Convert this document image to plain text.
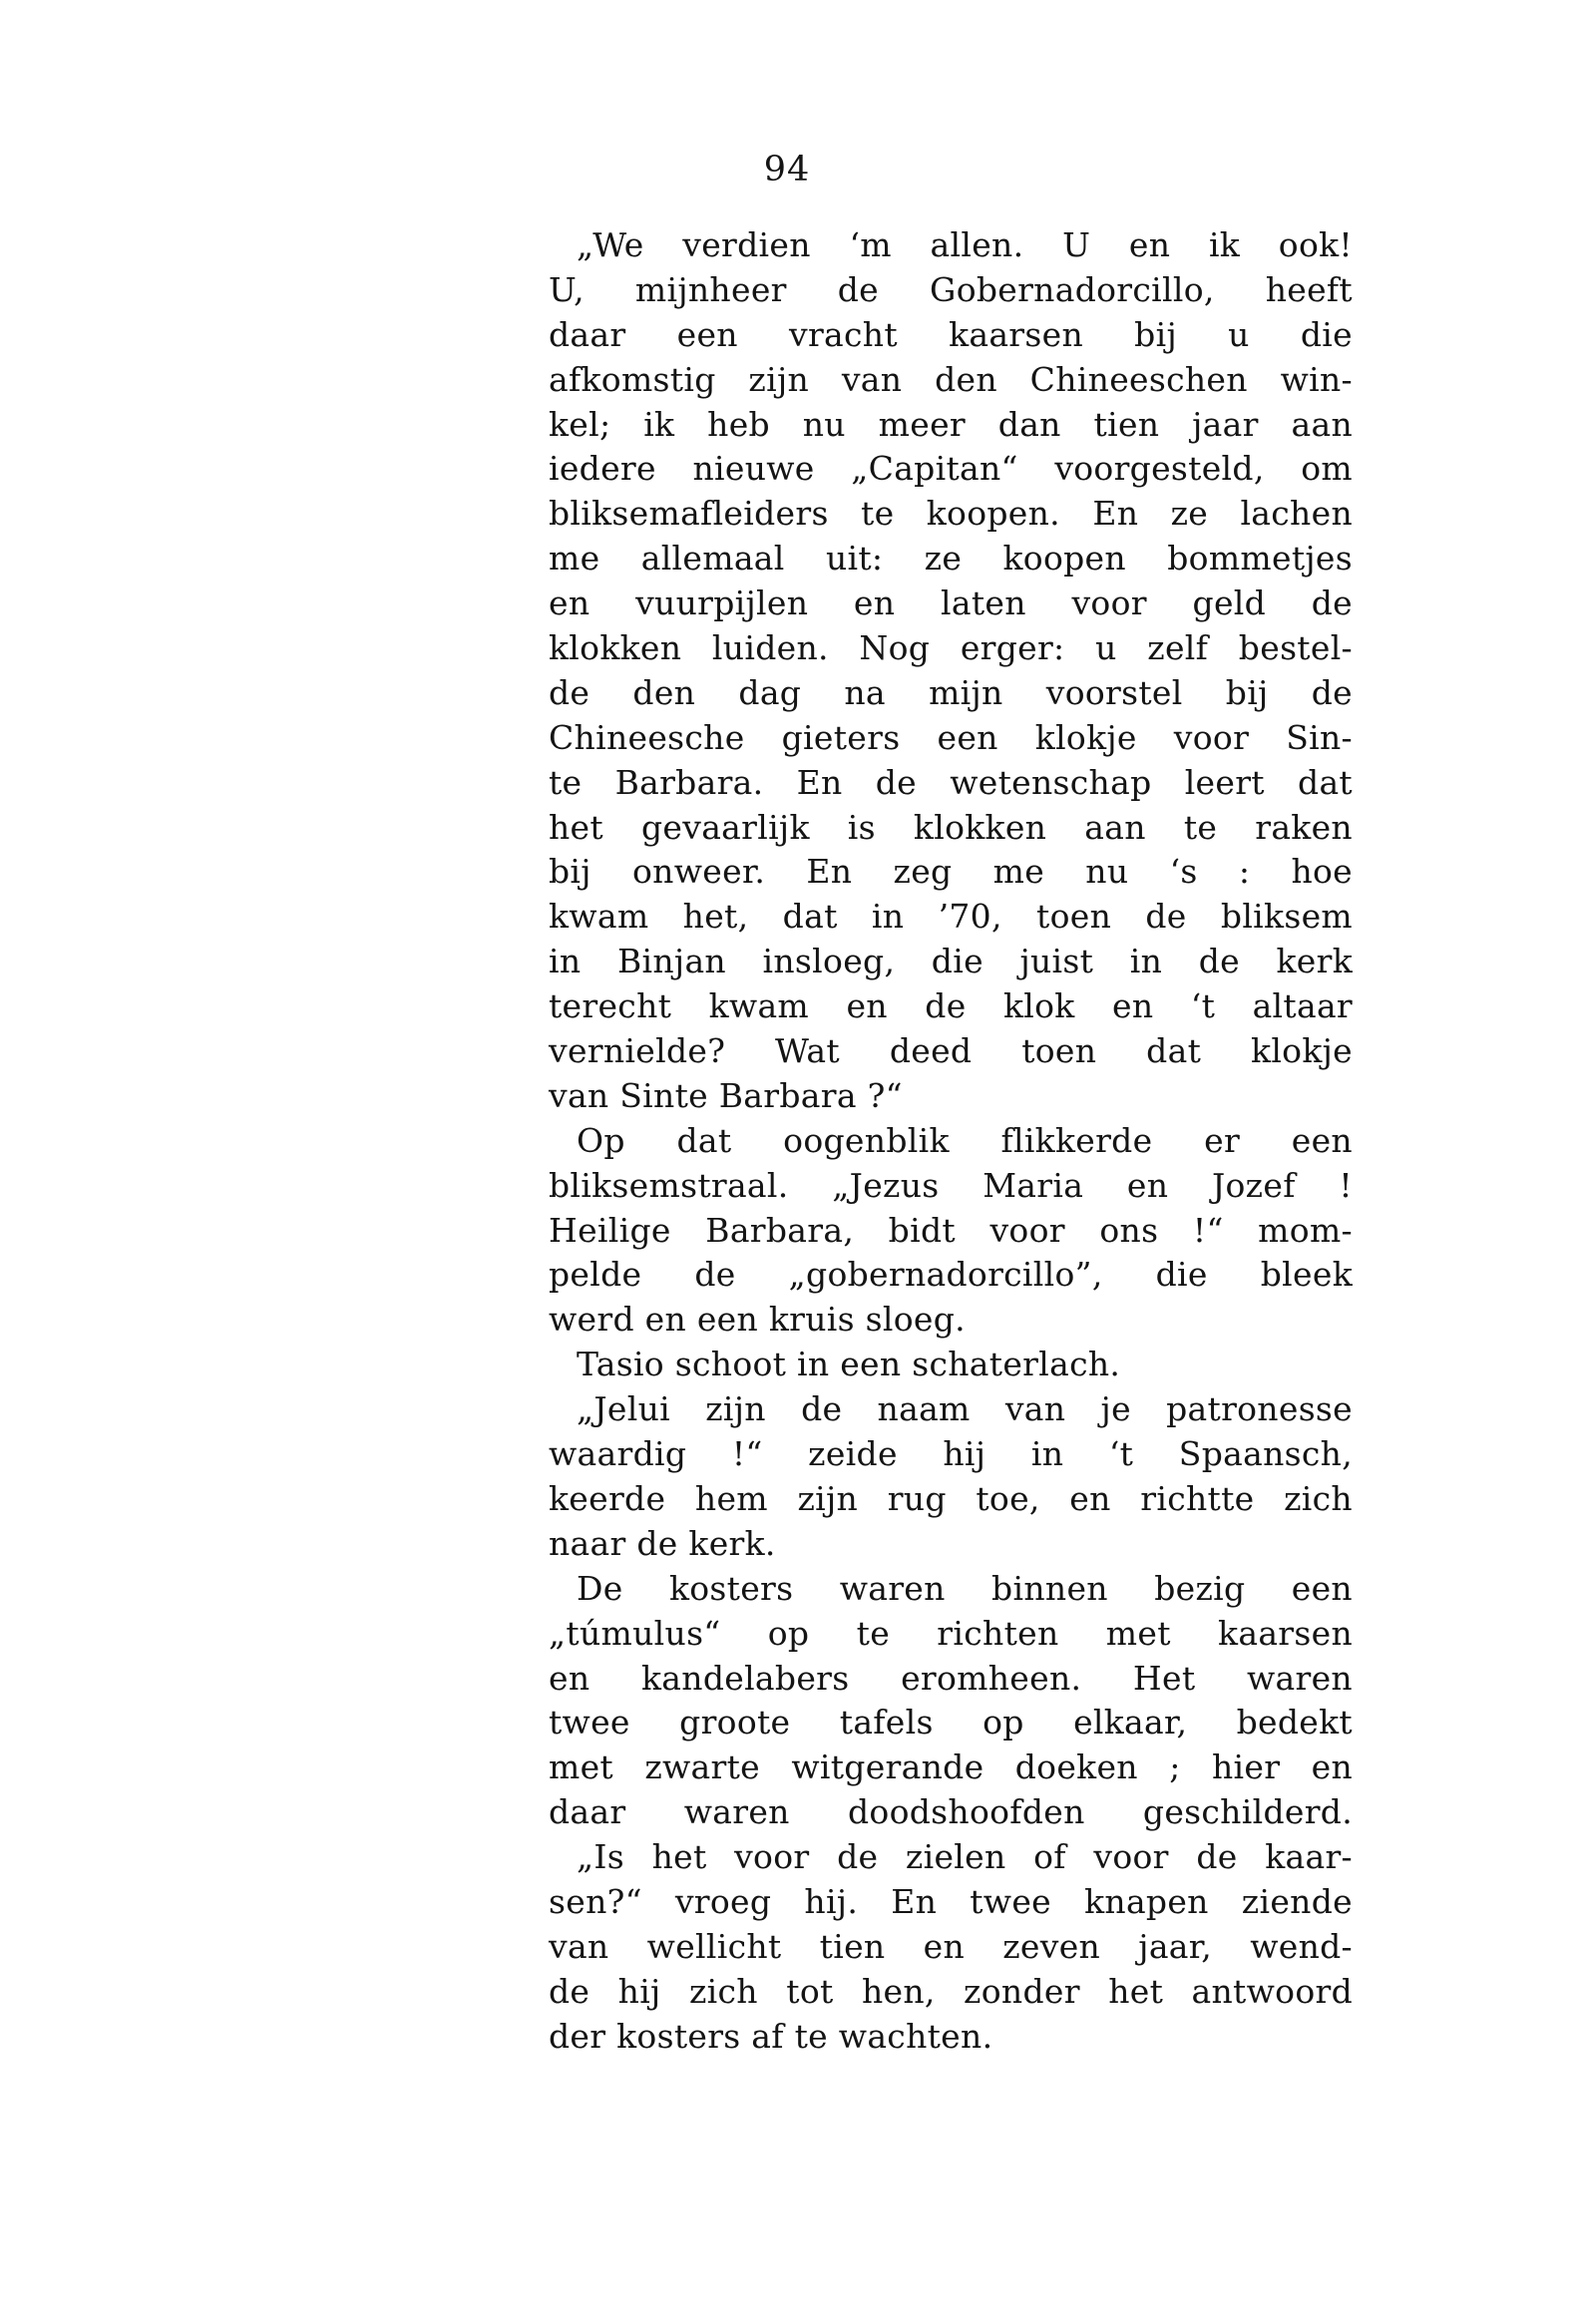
94
„We verdien ‘m allen. U en ik ook!
U, mijnheer de Gobernadorcillo, heeft
daar een vracht kaarsen bij u die
afkomstig zijn van den Chineeschen win-
kel; ik heb nu meer dan tien jaar aan
iedere nieuwe „Capitan“ voorgesteld, om
bliksemafleiders te koopen. En ze lachen
me allemaal uit: ze koopen bommetjes
en vuurpijlen en laten voor geld de
klokken luiden. Nog erger: u zelf bestel-
de den dag na mijn voorstel bij de
Chineesche gieters een klokje voor Sin-
te Barbara. En de wetenschap leert dat
het gevaarlijk is klokken aan te raken
bij onweer. En zeg me nu ‘s : hoe
kwam het, dat in ’70, toen de bliksem
in Binjan insloeg, die juist in de kerk
terecht kwam en de klok en ‘t altaar
vernielde? Wat deed toen dat klokje
van Sinte Barbara ?“
Op dat oogenblik flikkerde er een
bliksemstraal. „Jezus Maria en Jozef !
Heilige Barbara, bidt voor ons !“ mom-
pelde de „gobernadorcillo”, die bleek
werd en een kruis sloeg.
Tasio schoot in een schaterlach.
„Jelui zijn de naam van je patronesse
waardig !“ zeide hij in ‘t Spaansch,
keerde hem zijn rug toe, en richtte zich
naar de kerk.
De kosters waren binnen bezig een
„túmulus“ op te richten met kaarsen
en kandelabers eromheen. Het waren
twee groote tafels op elkaar, bedekt
met zwarte witgerande doeken ; hier en
daar waren doodshoofden geschilderd.
„Is het voor de zielen of voor de kaar-
sen?“ vroeg hij. En twee knapen ziende
van wellicht tien en zeven jaar, wend-
de hij zich tot hen, zonder het antwoord
der kosters af te wachten.
